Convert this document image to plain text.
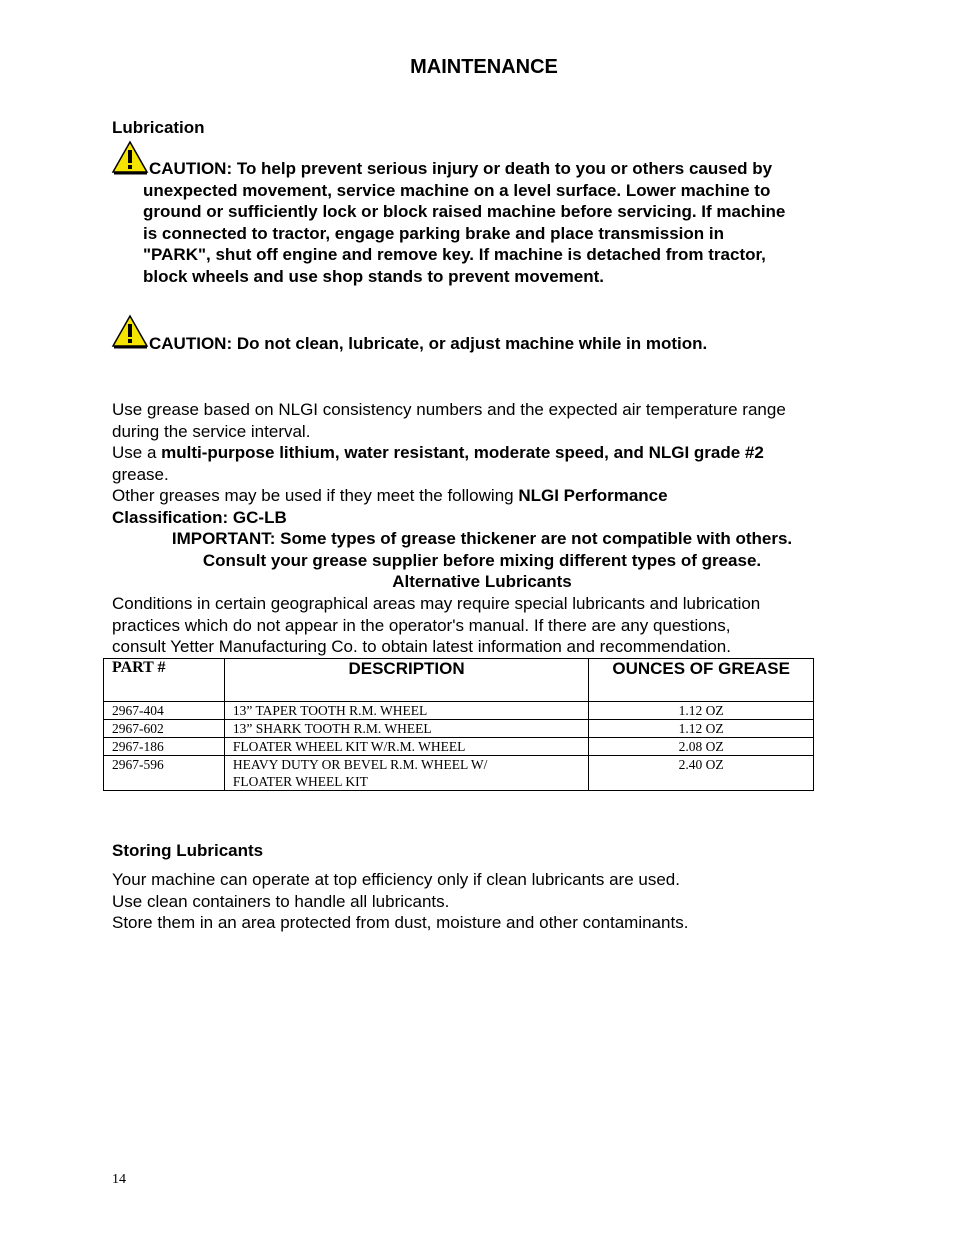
MAINTENANCE
Lubrication
CAUTION: To help prevent serious injury or death to you or others caused by
unexpected movement, service machine on a level surface. Lower machine to
ground or sufficiently lock or block raised machine before servicing. If machine
is connected to tractor, engage parking brake and place transmission in
"PARK", shut off engine and remove key. If machine is detached from tractor,
block wheels and use shop stands to prevent movement.
CAUTION: Do not clean, lubricate, or adjust machine while in motion.
Use grease based on NLGI consistency numbers and the expected air temperature range
during the service interval.
Use a multi-purpose lithium, water resistant, moderate speed, and NLGI grade #2
grease.
Other greases may be used if they meet the following NLGI Performance
Classification: GC-LB
IMPORTANT: Some types of grease thickener are not compatible with others.
Consult your grease supplier before mixing different types of grease.
Alternative Lubricants
Conditions in certain geographical areas may require special lubricants and lubrication
practices which do not appear in the operator's manual. If there are any questions,
consult Yetter Manufacturing Co. to obtain latest information and recommendation.
PART #	DESCRIPTION	OUNCES OF GREASE
2967-404	13” TAPER TOOTH R.M. WHEEL	1.12 OZ
2967-602	13” SHARK TOOTH R.M. WHEEL	1.12 OZ
2967-186	FLOATER WHEEL KIT W/R.M. WHEEL	2.08 OZ
2967-596	HEAVY DUTY OR BEVEL R.M. WHEEL W/
FLOATER WHEEL KIT	2.40 OZ
Storing Lubricants
Your machine can operate at top efficiency only if clean lubricants are used.
Use clean containers to handle all lubricants.
Store them in an area protected from dust, moisture and other contaminants.
14
